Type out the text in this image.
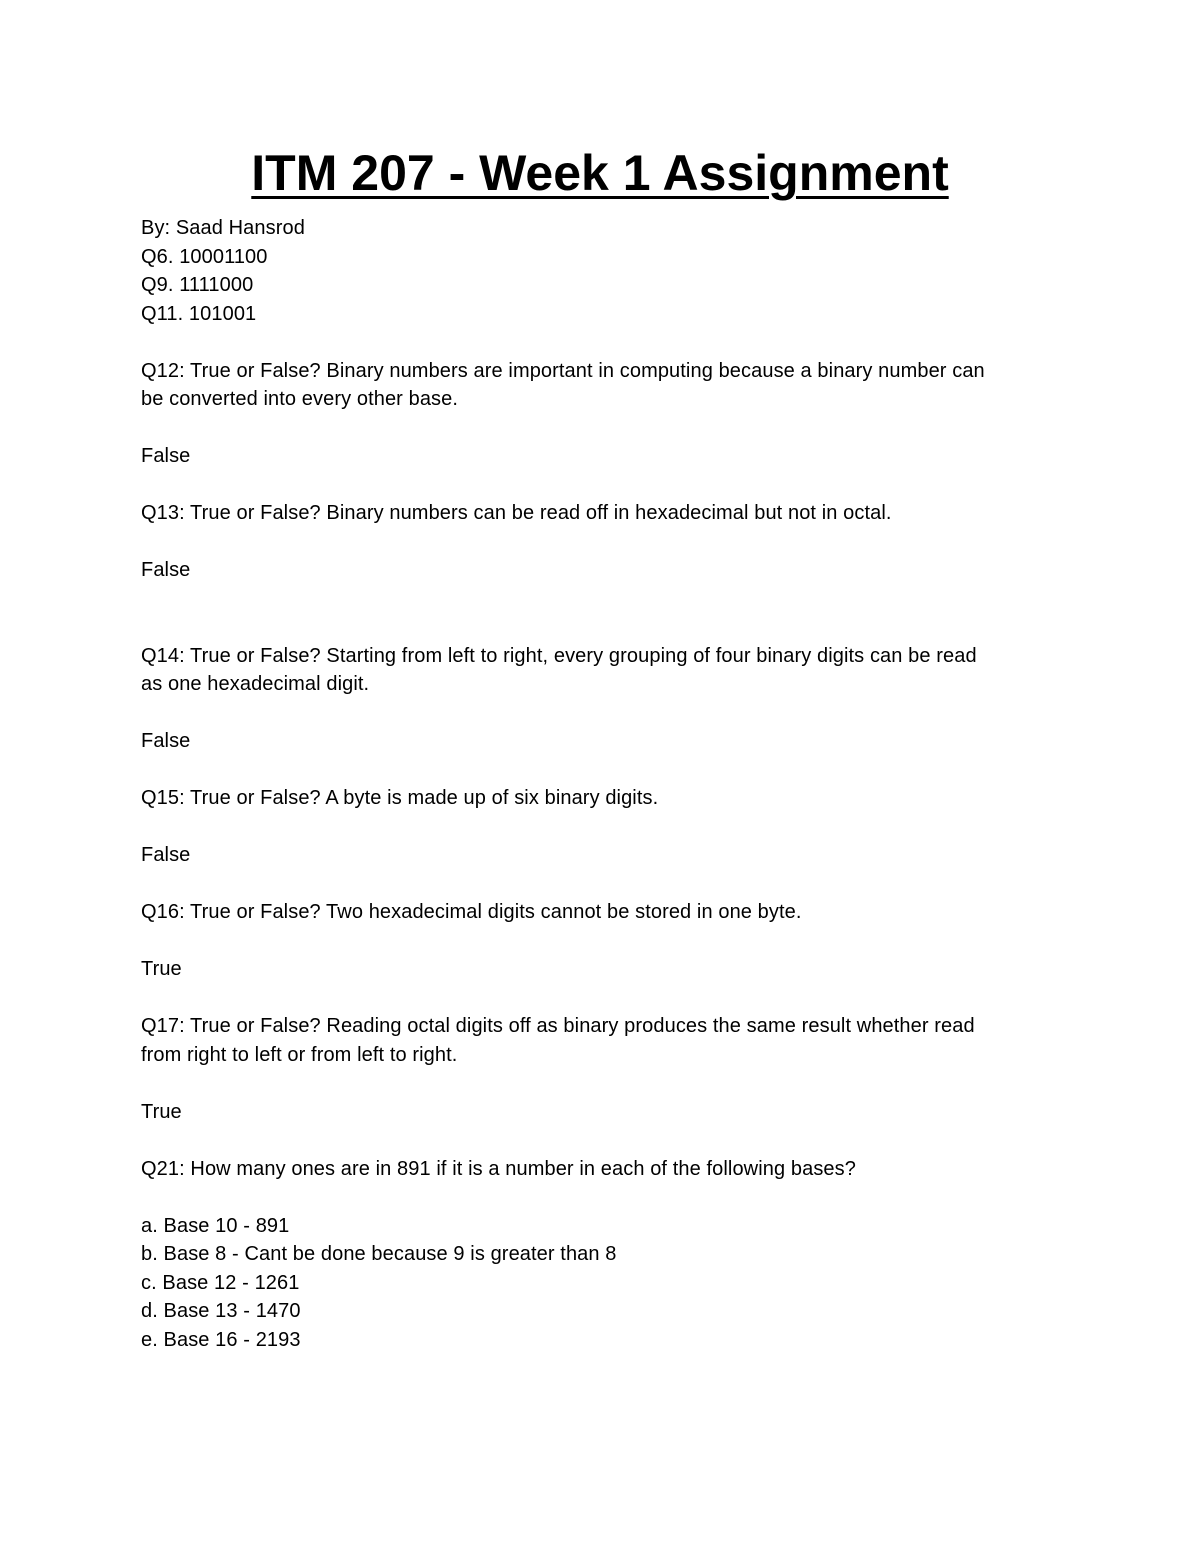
ITM 207 - Week 1 Assignment
By: Saad Hansrod
Q6. 10001100
Q9. 1111000
Q11. 101001
Q12: True or False? Binary numbers are important in computing because a binary number can
be converted into every other base.
False
Q13: True or False? Binary numbers can be read off in hexadecimal but not in octal.
False
Q14: True or False? Starting from left to right, every grouping of four binary digits can be read
as one hexadecimal digit.
False
Q15: True or False? A byte is made up of six binary digits.
False
Q16: True or False? Two hexadecimal digits cannot be stored in one byte.
True
Q17: True or False? Reading octal digits off as binary produces the same result whether read
from right to left or from left to right.
True
Q21: How many ones are in 891 if it is a number in each of the following bases?
a. Base 10 - 891
b. Base 8 - Cant be done because 9 is greater than 8
c. Base 12 - 1261
d. Base 13 - 1470
e. Base 16 - 2193
